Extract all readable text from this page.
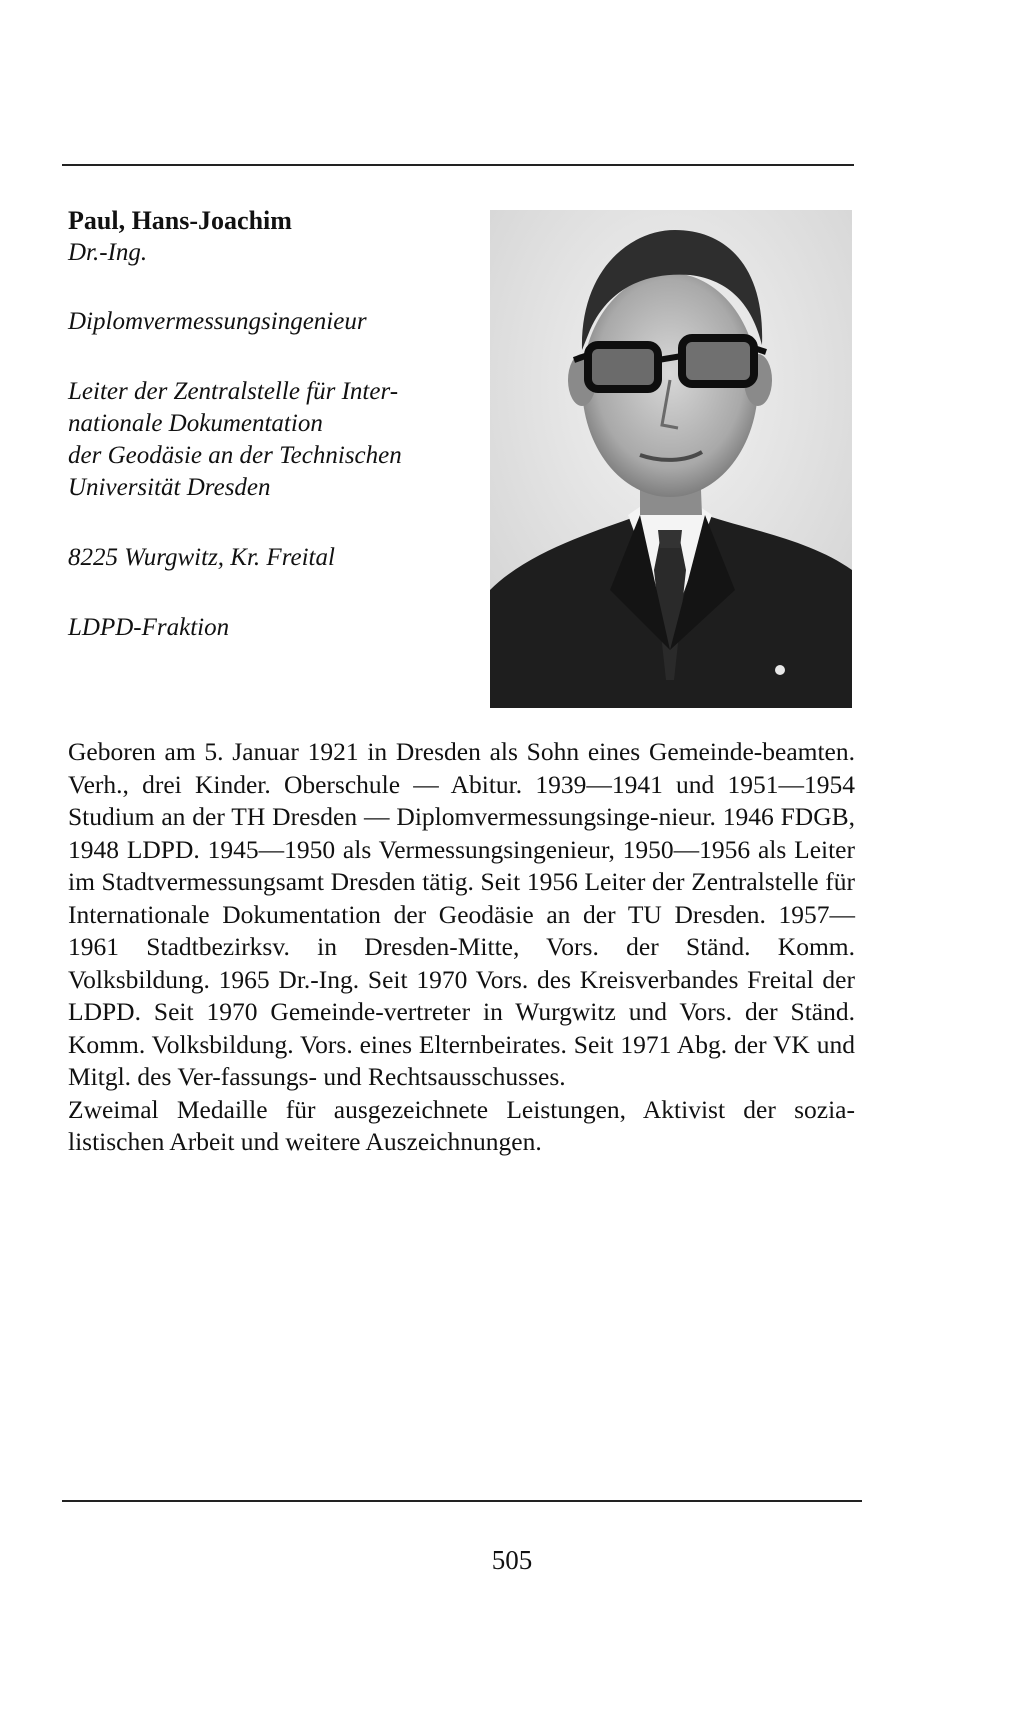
Paul, Hans-Joachim
Dr.-Ing.
Diplomvermessungsingenieur
Leiter der Zentralstelle für Inter-
nationale Dokumentation
der Geodäsie an der Technischen
Universität Dresden
8225 Wurgwitz, Kr. Freital
LDPD-Fraktion

Geboren am 5. Januar 1921 in Dresden als Sohn eines Gemeinde-beamten. Verh., drei Kinder. Oberschule — Abitur. 1939—1941 und 1951—1954 Studium an der TH Dresden — Diplomvermessungsinge-nieur. 1946 FDGB, 1948 LDPD. 1945—1950 als Vermessungsingenieur, 1950—1956 als Leiter im Stadtvermessungsamt Dresden tätig. Seit 1956 Leiter der Zentralstelle für Internationale Dokumentation der Geodäsie an der TU Dresden. 1957—1961 Stadtbezirksv. in Dresden-Mitte, Vors. der Ständ. Komm. Volksbildung. 1965 Dr.-Ing. Seit 1970 Vors. des Kreisverbandes Freital der LDPD. Seit 1970 Gemeinde-vertreter in Wurgwitz und Vors. der Ständ. Komm. Volksbildung. Vors. eines Elternbeirates. Seit 1971 Abg. der VK und Mitgl. des Ver-fassungs- und Rechtsausschusses.

Zweimal Medaille für ausgezeichnete Leistungen, Aktivist der sozia-listischen Arbeit und weitere Auszeichnungen.

505
